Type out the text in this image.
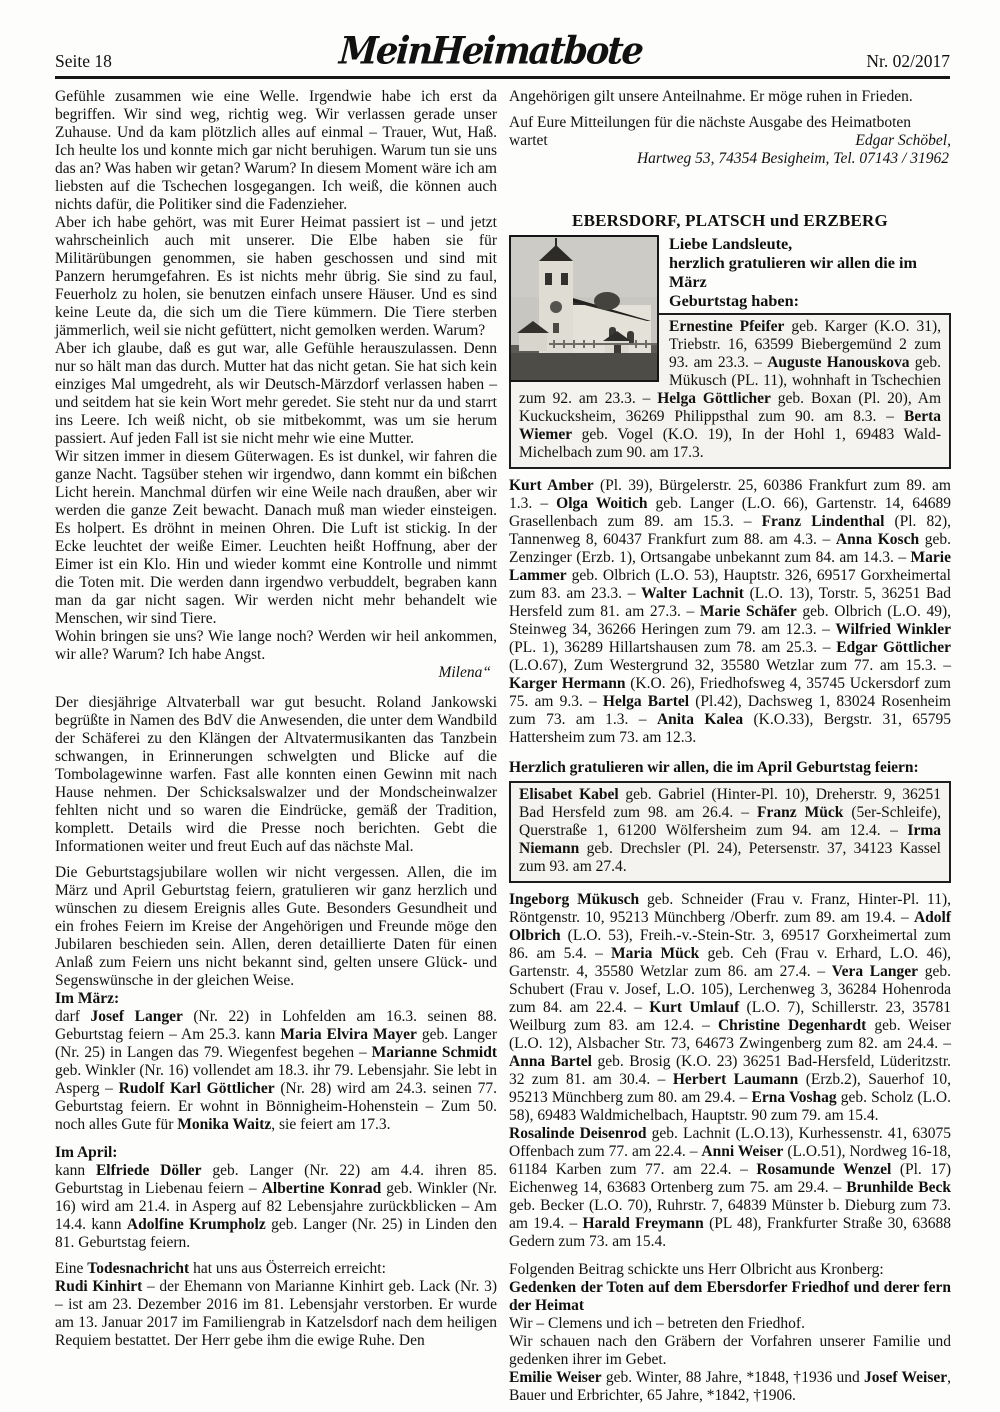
Seite 18	MeinHeimatbote	Nr. 02/2017

Gefühle zusammen wie eine Welle. Irgendwie habe ich erst da begriffen. Wir sind weg, richtig weg. Wir verlassen gerade unser Zuhause. Und da kam plötzlich alles auf einmal – Trauer, Wut, Haß. Ich heulte los und konnte mich gar nicht beruhigen. Warum tun sie uns das an? Was haben wir getan? Warum? In diesem Moment wäre ich am liebsten auf die Tschechen losgegangen. Ich weiß, die können auch nichts dafür, die Politiker sind die Fadenzieher.

Aber ich habe gehört, was mit Eurer Heimat passiert ist – und jetzt wahrscheinlich auch mit unserer. Die Elbe haben sie für Militärübungen genommen, sie haben geschossen und sind mit Panzern herumgefahren. Es ist nichts mehr übrig. Sie sind zu faul, Feuerholz zu holen, sie benutzen einfach unsere Häuser. Und es sind keine Leute da, die sich um die Tiere kümmern. Die Tiere sterben jämmerlich, weil sie nicht gefüttert, nicht gemolken werden. Warum?

Aber ich glaube, daß es gut war, alle Gefühle herauszulassen. Denn nur so hält man das durch. Mutter hat das nicht getan. Sie hat sich kein einziges Mal umgedreht, als wir Deutsch-Märzdorf verlassen haben – und seitdem hat sie kein Wort mehr geredet. Sie steht nur da und starrt ins Leere. Ich weiß nicht, ob sie mitbekommt, was um sie herum passiert. Auf jeden Fall ist sie nicht mehr wie eine Mutter.

Wir sitzen immer in diesem Güterwagen. Es ist dunkel, wir fahren die ganze Nacht. Tagsüber stehen wir irgendwo, dann kommt ein bißchen Licht herein. Manchmal dürfen wir eine Weile nach draußen, aber wir werden die ganze Zeit bewacht. Danach muß man wieder einsteigen. Es holpert. Es dröhnt in meinen Ohren. Die Luft ist stickig. In der Ecke leuchtet der weiße Eimer. Leuchten heißt Hoffnung, aber der Eimer ist ein Klo. Hin und wieder kommt eine Kontrolle und nimmt die Toten mit. Die werden dann irgendwo verbuddelt, begraben kann man da gar nicht sagen. Wir werden nicht mehr behandelt wie Menschen, wir sind Tiere.

Wohin bringen sie uns? Wie lange noch? Werden wir heil ankommen, wir alle? Warum? Ich habe Angst.

Milena“

Der diesjährige Altvaterball war gut besucht. Roland Jankowski begrüßte in Namen des BdV die Anwesenden, die unter dem Wandbild der Schäferei zu den Klängen der Altvatermusikanten das Tanzbein schwangen, in Erinnerungen schwelgten und Blicke auf die Tombolagewinne warfen. Fast alle konnten einen Gewinn mit nach Hause nehmen. Der Schicksalswalzer und der Mondscheinwalzer fehlten nicht und so waren die Eindrücke, gemäß der Tradition, komplett. Details wird die Presse noch berichten. Gebt die Informationen weiter und freut Euch auf das nächste Mal.

Die Geburtstagsjubilare wollen wir nicht vergessen. Allen, die im März und April Geburtstag feiern, gratulieren wir ganz herzlich und wünschen zu diesem Ereignis alles Gute. Besonders Gesundheit und ein frohes Feiern im Kreise der Angehörigen und Freunde möge den Jubilaren beschieden sein. Allen, deren detaillierte Daten für einen Anlaß zum Feiern uns nicht bekannt sind, gelten unsere Glück- und Segenswünsche in der gleichen Weise.

Im März:

darf Josef Langer (Nr. 22) in Lohfelden am 16.3. seinen 88. Geburtstag feiern – Am 25.3. kann Maria Elvira Mayer geb. Langer (Nr. 25) in Langen das 79. Wiegenfest begehen – Marianne Schmidt geb. Winkler (Nr. 16) vollendet am 18.3. ihr 79. Lebensjahr. Sie lebt in Asperg – Rudolf Karl Göttlicher (Nr. 28) wird am 24.3. seinen 77. Geburtstag feiern. Er wohnt in Bönnigheim-Hohenstein – Zum 50. noch alles Gute für Monika Waitz, sie feiert am 17.3.

Im April:

kann Elfriede Döller geb. Langer (Nr. 22) am 4.4. ihren 85. Geburtstag in Liebenau feiern – Albertine Konrad geb. Winkler (Nr. 16) wird am 21.4. in Asperg auf 82 Lebensjahre zurückblicken – Am 14.4. kann Adolfine Krumpholz geb. Langer (Nr. 25) in Linden den 81. Geburtstag feiern.

Eine Todesnachricht hat uns aus Österreich erreicht:

Rudi Kinhirt – der Ehemann von Marianne Kinhirt geb. Lack (Nr. 3) – ist am 23. Dezember 2016 im 81. Lebensjahr verstorben. Er wurde am 13. Januar 2017 im Familiengrab in Katzelsdorf nach dem heiligen Requiem bestattet. Der Herr gebe ihm die ewige Ruhe. Den

Angehörigen gilt unsere Anteilnahme. Er möge ruhen in Frieden.

Auf Eure Mitteilungen für die nächste Ausgabe des Heimatboten

wartet	Edgar Schöbel,

Hartweg 53, 74354 Besigheim, Tel. 07143 / 31962

EBERSDORF, PLATSCH und ERZBERG
Liebe Landsleute,
herzlich gratulieren wir allen die im März
Geburtstag haben:
Ernestine Pfeifer geb. Karger (K.O. 31), Triebstr. 16, 63599 Biebergemünd 2 zum 93. am 23.3. – Auguste Hanouskova geb. Mükusch (PL. 11), wohnhaft in Tschechien zum 92. am 23.3. – Helga Göttlicher geb. Boxan (Pl. 20), Am Kuckucksheim, 36269 Philippsthal zum 90. am 8.3. – Berta Wiemer geb. Vogel (K.O. 19), In der Hohl 1, 69483 Wald-Michelbach zum 90. am 17.3.

Kurt Amber (Pl. 39), Bürgelerstr. 25, 60386 Frankfurt zum 89. am 1.3. – Olga Woitich geb. Langer (L.O. 66), Gartenstr. 14, 64689 Grasellenbach zum 89. am 15.3. – Franz Lindenthal (Pl. 82), Tannenweg 8, 60437 Frankfurt zum 88. am 4.3. – Anna Kosch geb. Zenzinger (Erzb. 1), Ortsangabe unbekannt zum 84. am 14.3. – Marie Lammer geb. Olbrich (L.O. 53), Hauptstr. 326, 69517 Gorxheimertal zum 83. am 23.3. – Walter Lachnit (L.O. 13), Torstr. 5, 36251 Bad Hersfeld zum 81. am 27.3. – Marie Schäfer geb. Olbrich (L.O. 49), Steinweg 34, 36266 Heringen zum 79. am 12.3. – Wilfried Winkler (PL. 1), 36289 Hillartshausen zum 78. am 25.3. – Edgar Göttlicher (L.O.67), Zum Westergrund 32, 35580 Wetzlar zum 77. am 15.3. – Karger Hermann (K.O. 26), Friedhofsweg 4, 35745 Uckersdorf zum 75. am 9.3. – Helga Bartel (Pl.42), Dachsweg 1, 83024 Rosenheim zum 73. am 1.3. – Anita Kalea (K.O.33), Bergstr. 31, 65795 Hattersheim zum 73. am 12.3.

Herzlich gratulieren wir allen, die im April Geburtstag feiern:

Elisabet Kabel geb. Gabriel (Hinter-Pl. 10), Dreherstr. 9, 36251 Bad Hersfeld zum 98. am 26.4. – Franz Mück (5er-Schleife), Querstraße 1, 61200 Wölfersheim zum 94. am 12.4. – Irma Niemann geb. Drechsler (Pl. 24), Petersenstr. 37, 34123 Kassel zum 93. am 27.4.

Ingeborg Mükusch geb. Schneider (Frau v. Franz, Hinter-Pl. 11), Röntgenstr. 10, 95213 Münchberg /Oberfr. zum 89. am 19.4. – Adolf Olbrich (L.O. 53), Freih.-v.-Stein-Str. 3, 69517 Gorxheimertal zum 86. am 5.4. – Maria Mück geb. Ceh (Frau v. Erhard, L.O. 46), Gartenstr. 4, 35580 Wetzlar zum 86. am 27.4. – Vera Langer geb. Schubert (Frau v. Josef, L.O. 105), Lerchenweg 3, 36284 Hohenroda zum 84. am 22.4. – Kurt Umlauf (L.O. 7), Schillerstr. 23, 35781 Weilburg zum 83. am 12.4. – Christine Degenhardt geb. Weiser (L.O. 12), Alsbacher Str. 73, 64673 Zwingenberg zum 82. am 24.4. – Anna Bartel geb. Brosig (K.O. 23) 36251 Bad-Hersfeld, Lüderitzstr. 32 zum 81. am 30.4. – Herbert Laumann (Erzb.2), Sauerhof 10, 95213 Münchberg zum 80. am 29.4. – Erna Voshag geb. Scholz (L.O. 58), 69483 Waldmichelbach, Hauptstr. 90 zum 79. am 15.4.

Rosalinde Deisenrod geb. Lachnit (L.O.13), Kurhessenstr. 41, 63075 Offenbach zum 77. am 22.4. – Anni Weiser (L.O.51), Nordweg 16-18, 61184 Karben zum 77. am 22.4. – Rosamunde Wenzel (Pl. 17) Eichenweg 14, 63683 Ortenberg zum 75. am 29.4. – Brunhilde Beck geb. Becker (L.O. 70), Ruhrstr. 7, 64839 Münster b. Dieburg zum 73. am 19.4. – Harald Freymann (PL 48), Frankfurter Straße 30, 63688 Gedern zum 73. am 15.4.

Folgenden Beitrag schickte uns Herr Olbricht aus Kronberg:

Gedenken der Toten auf dem Ebersdorfer Friedhof und derer fern der Heimat

Wir – Clemens und ich – betreten den Friedhof.

Wir schauen nach den Gräbern der Vorfahren unserer Familie und gedenken ihrer im Gebet.

Emilie Weiser geb. Winter, 88 Jahre, *1848, †1936 und Josef Weiser, Bauer und Erbrichter, 65 Jahre, *1842, †1906.
